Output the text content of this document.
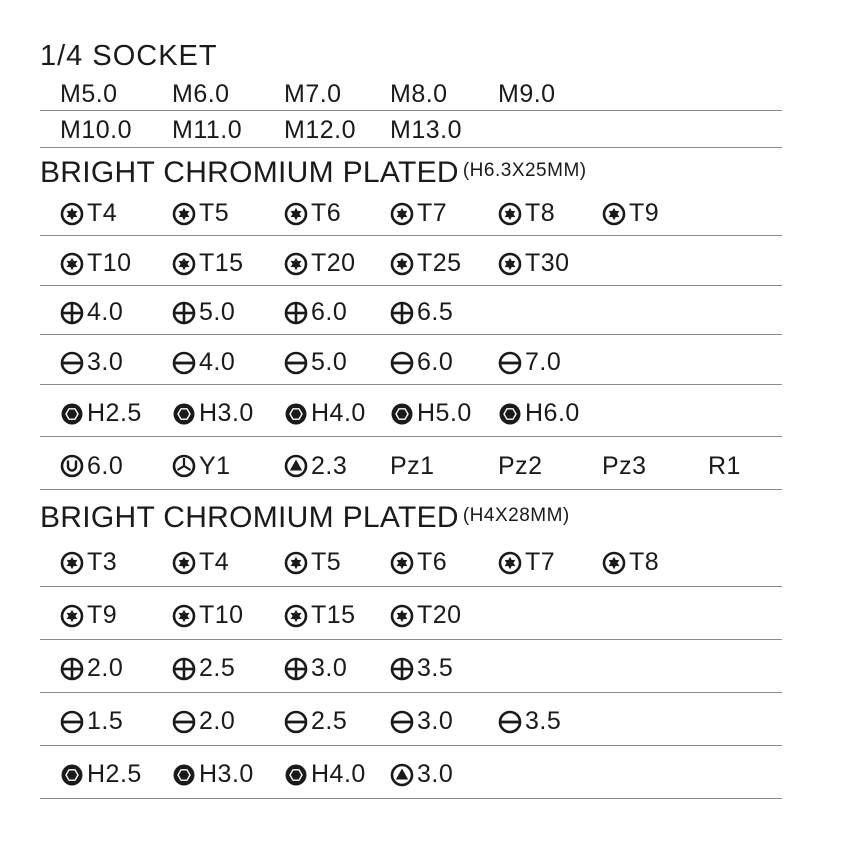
1/4 SOCKET
BRIGHT CHROMIUM PLATED (H6.3X25MM)
BRIGHT CHROMIUM PLATED (H4X28MM)
M5.0 M6.0 M7.0 M8.0 M9.0
M10.0 M11.0 M12.0 M13.0
T4	T5	T6	T7	T8	T9
T10	T15	T20 T25	T30
4.0	5.0	6.0	6.5
3.0	4.0	5.0	6.0	7.0
H2.5 H3.0 H4.0 H5.0 H6.0
6.0	Y1	2.3 Pz1	Pz2 Pz3 R1
T3	T4	T5	T6	T7	T8
T9	T10	T15 T20
2.0	2.5	3.0	3.5
1.5	2.0	2.5	3.0	3.5
H2.5 H3.0 H4.0 3.0
